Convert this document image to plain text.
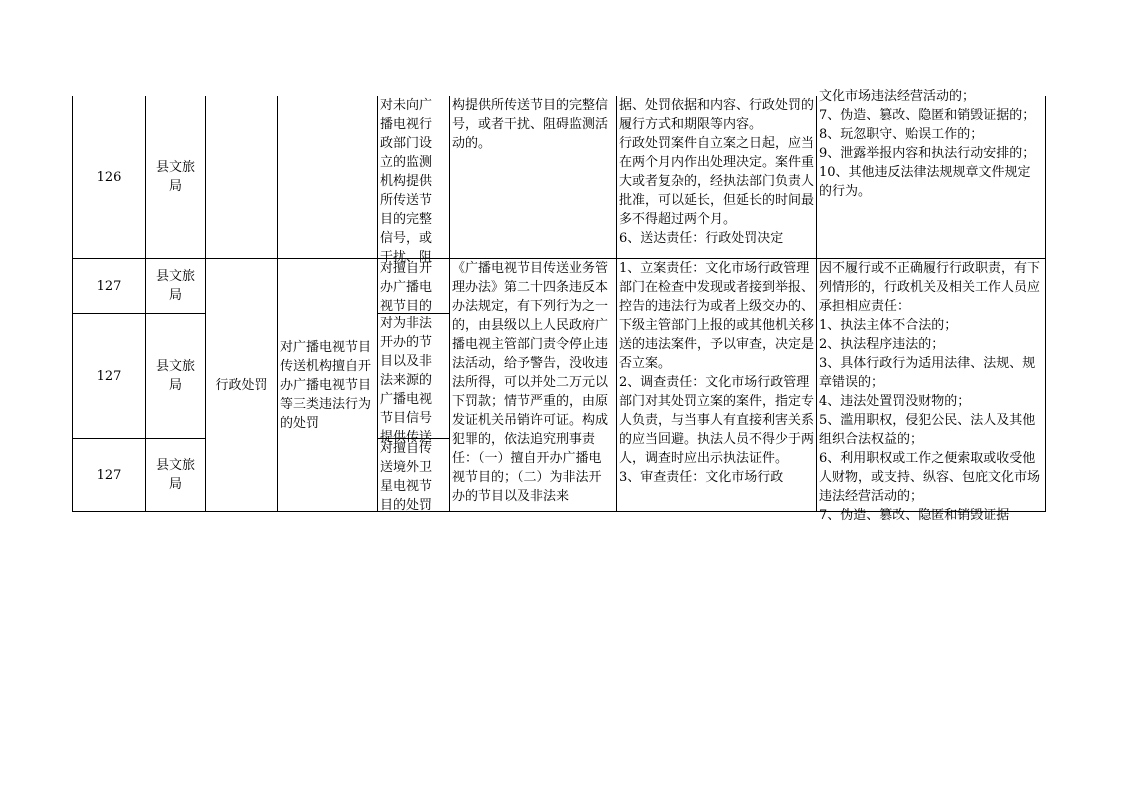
126
县文旅
局
对未向广
播电视行
政部门设
立的监测
机构提供
所传送节
目的完整
信号，或
干扰、阻
构提供所传送节目的完整信号，或者干扰、阻碍监测活动的。
据、处罚依据和内容、行政处罚的履行方式和期限等内容。
行政处罚案件自立案之日起，应当在两个月内作出处理决定。案件重大或者复杂的，经执法部门负责人批准，可以延长，但延长的时间最多不得超过两个月。
6、送达责任：行政处罚决定
文化市场违法经营活动的；
7、伪造、篡改、隐匿和销毁证据的；
8、玩忽职守、贻误工作的；
9、泄露举报内容和执法行动安排的；
10、其他违反法律法规规章文件规定的行为。
127
县文旅
局
127
县文旅
局
127
县文旅
局
行政处罚
对广播电视节目传送机构擅自开办广播电视节目等三类违法行为的处罚
对擅自开
办广播电
视节目的
对为非法
开办的节
目以及非
法来源的
广播电视
节目信号
提供传送
对擅自传
送境外卫
星电视节
目的处罚
《广播电视节目传送业务管理办法》第二十四条违反本办法规定，有下列行为之一的，由县级以上人民政府广播电视主管部门责令停止违法活动，给予警告，没收违法所得，可以并处二万元以下罚款；情节严重的，由原发证机关吊销许可证。构成犯罪的，依法追究刑事责任：（一）擅自开办广播电视节目的；（二）为非法开办的节目以及非法来
1、立案责任：文化市场行政管理部门在检查中发现或者接到举报、控告的违法行为或者上级交办的、下级主管部门上报的或其他机关移送的违法案件，予以审查，决定是否立案。
2、调查责任：文化市场行政管理部门对其处罚立案的案件，指定专人负责，与当事人有直接利害关系的应当回避。执法人员不得少于两人，调查时应出示执法证件。
3、审查责任：文化市场行政
因不履行或不正确履行行政职责，有下列情形的，行政机关及相关工作人员应承担相应责任：
1、执法主体不合法的；
2、执法程序违法的；
3、具体行政行为适用法律、法规、规章错误的；
4、违法处置罚没财物的；
5、滥用职权，侵犯公民、法人及其他组织合法权益的；
6、利用职权或工作之便索取或收受他人财物，或支持、纵容、包庇文化市场违法经营活动的；
7、伪造、篡改、隐匿和销毁证据
